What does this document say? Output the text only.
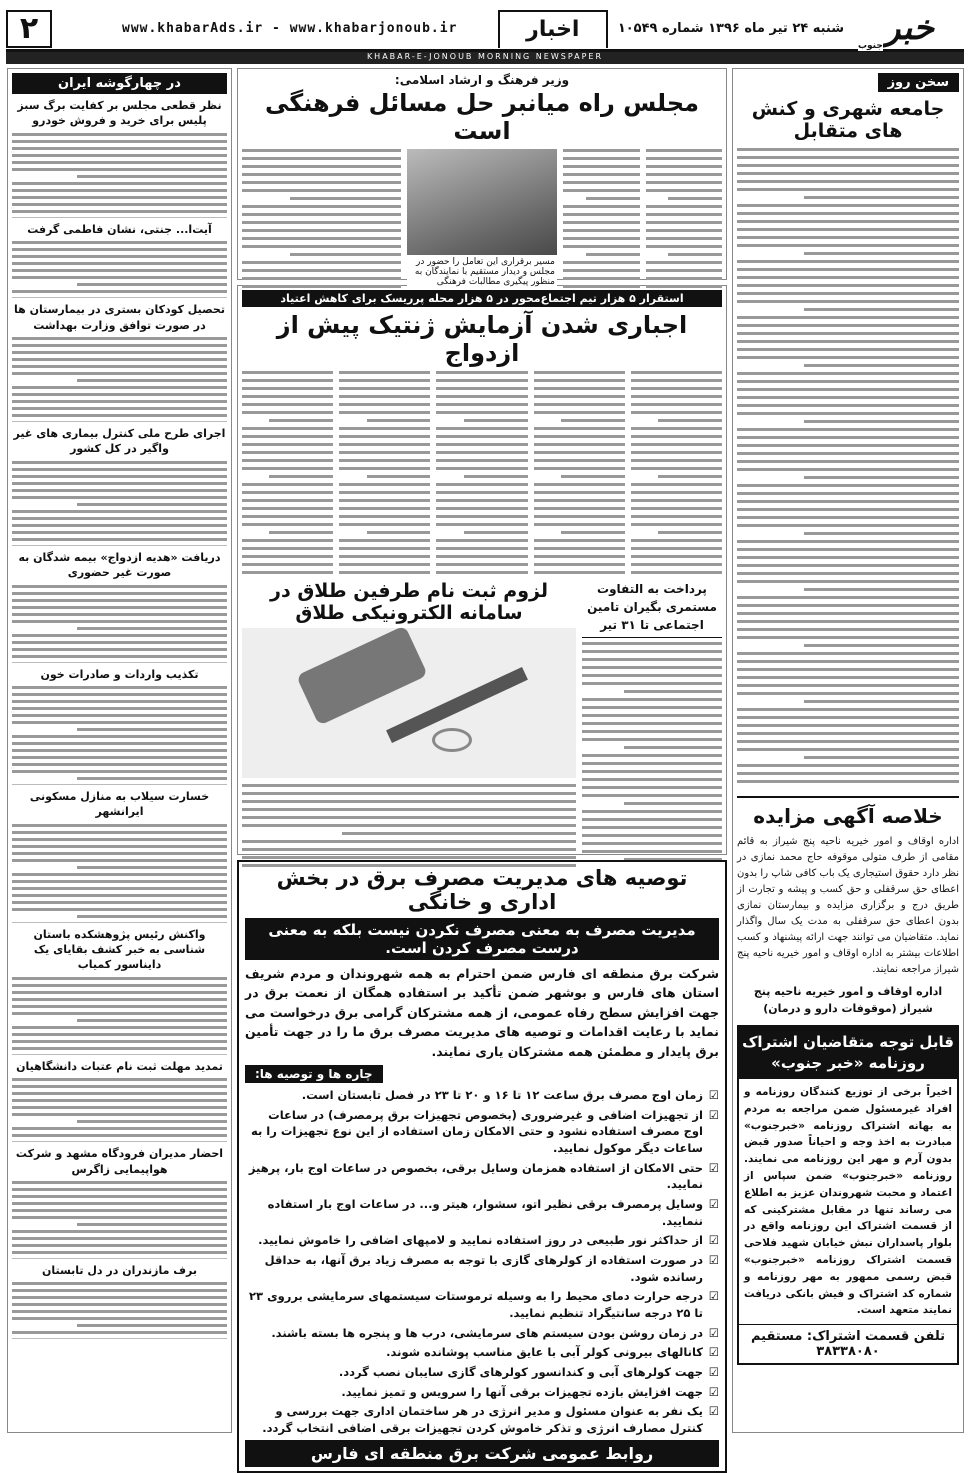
۲	www.khabarAds.ir - www.khabarjonoub.ir	اخبار	شنبه ۲۴ تیر ماه ۱۳۹۶ شماره ۱۰۵۴۹	خبر
جنوب
KHABAR-E-JONOUB MORNING NEWSPAPER
سخن روز
جامعه شهری و کنش های متقابل
خلاصه آگهی مزایده
اداره اوقاف و امور خیریه ناحیه پنج شیراز به قائم مقامی از طرف متولی موقوفه حاج محمد نمازی در نظر دارد حقوق استیجاری یک باب کافی شاپ را بدون اعطای حق سرقفلی و حق کسب و پیشه و تجارت از طریق درج و برگزاری مزایده و بیمارستان نمازی بدون اعطای حق سرقفلی به مدت یک سال واگذار نماید. متقاضیان می توانند جهت ارائه پیشنهاد و کسب اطلاعات بیشتر به اداره اوقاف و امور خیریه ناحیه پنج شیراز مراجعه نمایند.
اداره اوقاف و امور خیریه ناحیه پنج شیراز (موقوفات دارو و درمان)
قابل توجه متقاضیان اشتراک روزنامه «خبر جنوب»
اخیراً برخی از توزیع کنندگان روزنامه و افراد غیرمسئول ضمن مراجعه به مردم به بهانه اشتراک روزنامه «خبرجنوب» مبادرت به اخذ وجه و احیاناً صدور قبض بدون آرم و مهر این روزنامه می نمایند. روزنامه «خبرجنوب» ضمن سپاس از اعتماد و محبت شهروندان عزیز به اطلاع می رساند تنها در مقابل مشترکینی که از قسمت اشتراک این روزنامه واقع در بلوار پاسداران نبش خیابان شهید فلاحی قسمت اشتراک روزنامه «خبرجنوب» قبض رسمی ممهور به مهر روزنامه و شماره کد اشتراک و فیش بانکی دریافت نمایند متعهد است.
تلفن قسمت اشتراک: مستقیم ۳۸۳۳۸۰۸۰
وزیر فرهنگ و ارشاد اسلامی:
مجلس راه میانبر حل مسائل فرهنگی است
مسیر برقراری این تعامل را حضور در مجلس و دیدار مستقیم با نمایندگان به منظور پیگیری مطالبات فرهنگی
استقرار ۵ هزار تیم اجتماع‌محور در ۵ هزار محله پرریسک برای کاهش اعتیاد
اجباری شدن آزمایش ژنتیک پیش از ازدواج
پرداخت به التفاوت مستمری بگیران تامین اجتماعی تا ۳۱ تیر
لزوم ثبت نام طرفین طلاق در سامانه الکترونیکی طلاق
توصیه های مدیریت مصرف برق در بخش اداری و خانگی
مدیریت مصرف به معنی مصرف نکردن نیست بلکه به معنی درست مصرف کردن است.
شرکت برق منطقه ای فارس ضمن احترام به همه شهروندان و مردم شریف استان های فارس و بوشهر ضمن تأکید بر استفاده همگان از نعمت برق در جهت افزایش سطح رفاه عمومی، از همه مشترکان گرامی برق درخواست می نماید با رعایت اقدامات و توصیه های مدیریت مصرف برق ما را در جهت تأمین برق پایدار و مطمئن همه مشترکان یاری نمایند.
چاره ها و توصیه ها:
☑ زمان اوج مصرف برق ساعت ۱۲ تا ۱۶ و ۲۰ تا ۲۳ در فصل تابستان است.
☑ از تجهیزات اضافی و غیرضروری (بخصوص تجهیزات برق پرمصرف) در ساعات اوج مصرف استفاده نشود و حتی الامکان زمان استفاده از این نوع تجهیزات را به ساعات دیگر موکول نمایید.
☑ حتی الامکان از استفاده همزمان وسایل برقی، بخصوص در ساعات اوج بار، پرهیز نمایید.
☑ وسایل پرمصرف برقی نظیر اتو، سشوار، هیتر و... در ساعات اوج بار استفاده ننمایید.
☑ از حداکثر نور طبیعی در روز استفاده نمایید و لامپهای اضافی را خاموش نمایید.
☑ در صورت استفاده از کولرهای گازی با توجه به مصرف زیاد برق آنها، به حداقل رسانده شود.
☑ درجه حرارت دمای محیط را به وسیله ترموستات سیستمهای سرمایشی برروی ۲۳ تا ۲۵ درجه سانتیگراد تنظیم نمایید.
☑ در زمان روشن بودن سیستم های سرمایشی، درب ها و پنجره ها بسته باشند.
☑ کانالهای بیرونی کولر آبی با عایق مناسب پوشانده شوند.
☑ جهت کولرهای آبی و کندانسور کولرهای گازی سایبان نصب گردد.
☑ جهت افزایش بازده تجهیزات برقی آنها را سرویس و تمیز نمایید.
☑ یک نفر به عنوان مسئول و مدیر انرژی در هر ساختمان اداری جهت بررسی و کنترل مصارف انرژی و تذکر خاموش کردن تجهیزات برقی اضافی انتخاب گردد.
روابط عمومی شرکت برق منطقه ای فارس
در چهارگوشه ایران
نظر قطعی مجلس بر کفایت برگ سبز پلیس برای خرید و فروش خودرو
آیت‌ا... جنتی، نشان فاطمی گرفت
تحصیل کودکان بستری در بیمارستان ها در صورت توافق وزارت بهداشت
اجرای طرح ملی کنترل بیماری های غیر واگیر در کل کشور
دریافت «هدیه ازدواج» بیمه شدگان به صورت غیر حضوری
تکذیب واردات و صادرات خون
خسارت سیلاب به منازل مسکونی ایرانشهر
واکنش رئیس پژوهشکده باستان شناسی به خبر کشف بقایای یک دایناسور کمیاب
تمدید مهلت ثبت نام عتبات دانشگاهیان
احضار مدیران فرودگاه مشهد و شرکت هواپیمایی زاگرس
برف مازندران در دل تابستان
